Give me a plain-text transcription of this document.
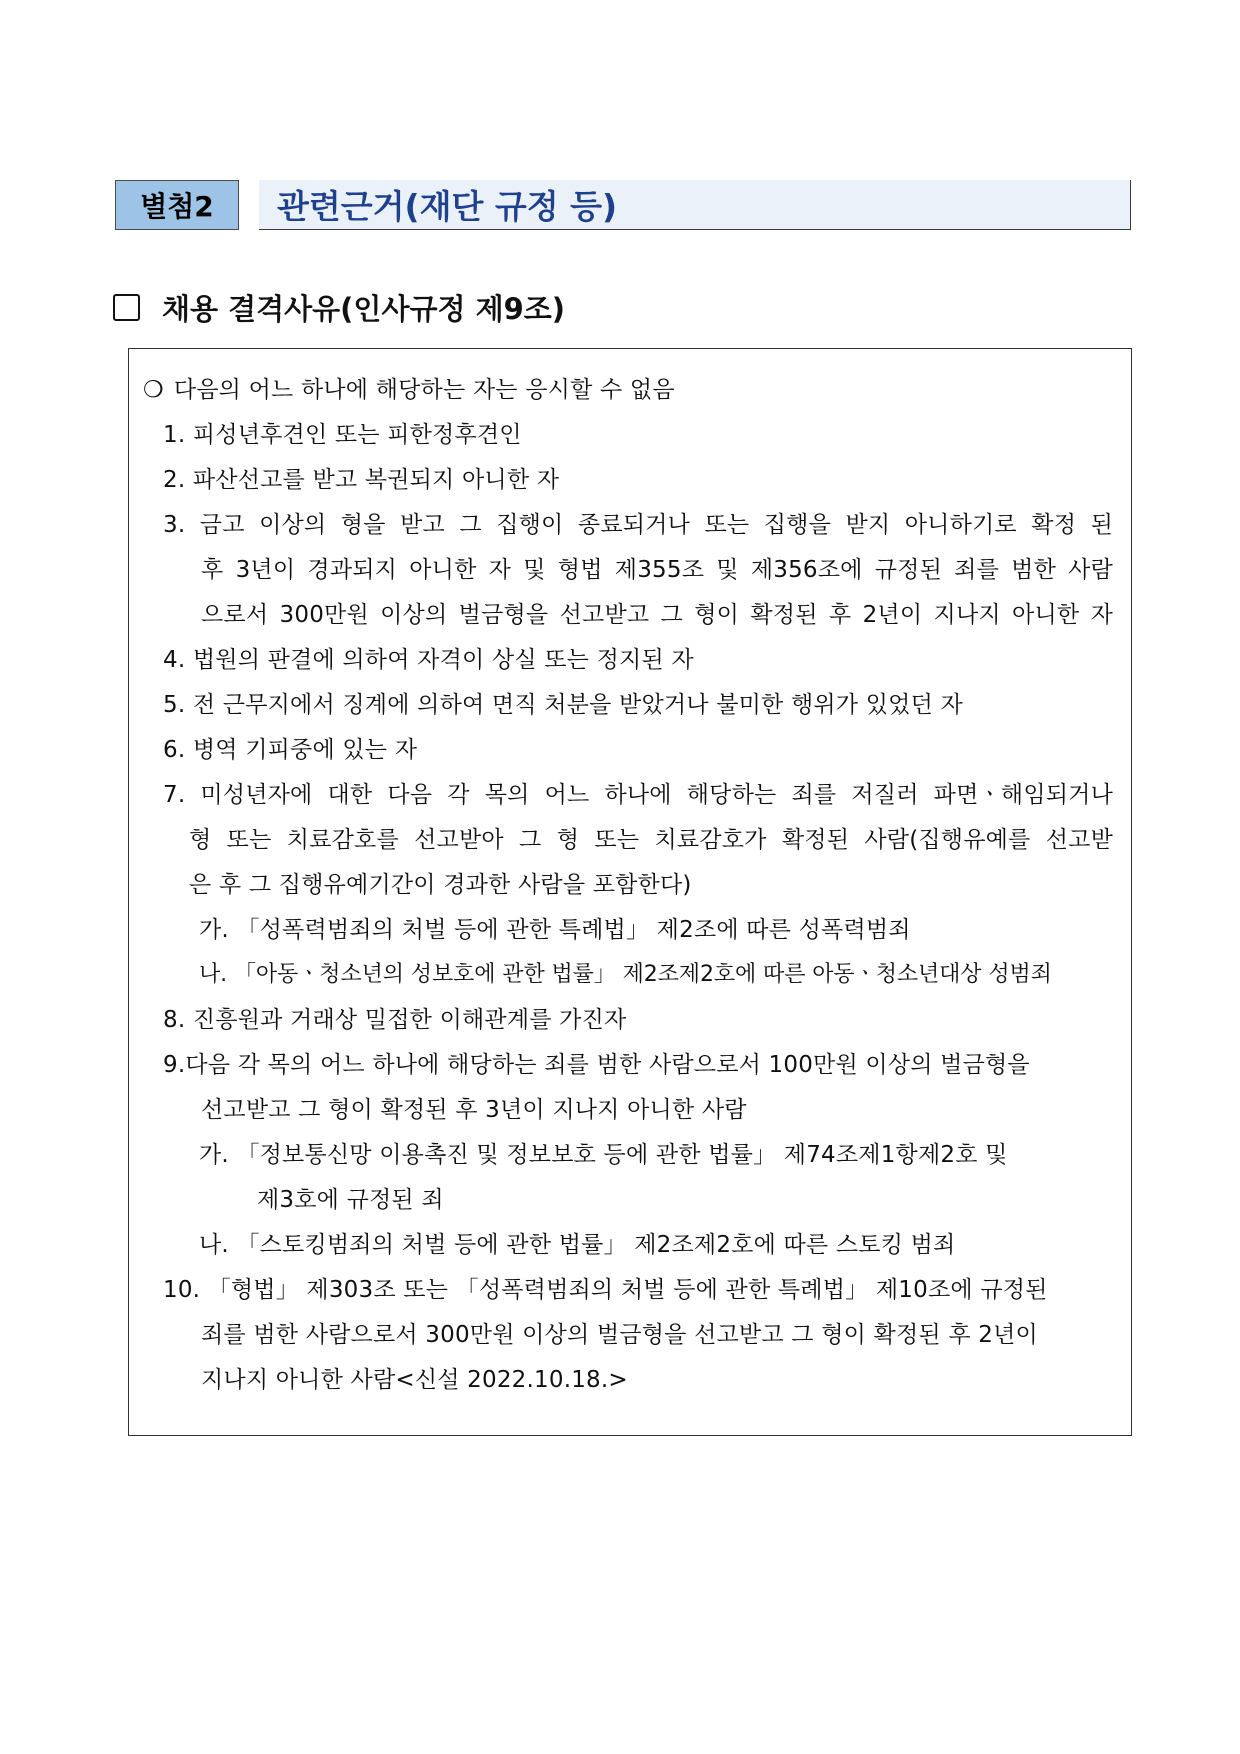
별첨2	관련근거(재단 규정 등)
채용 결격사유(인사규정 제9조)
❍ 다음의 어느 하나에 해당하는 자는 응시할 수 없음
1. 피성년후견인 또는 피한정후견인
2. 파산선고를 받고 복권되지 아니한 자
3. 금고 이상의 형을 받고 그 집행이 종료되거나 또는 집행을 받지 아니하기로 확정 된
후 3년이 경과되지 아니한 자 및 형법 제355조 및 제356조에 규정된 죄를 범한 사람
으로서 300만원 이상의 벌금형을 선고받고 그 형이 확정된 후 2년이 지나지 아니한 자
4. 법원의 판결에 의하여 자격이 상실 또는 정지된 자
5. 전 근무지에서 징계에 의하여 면직 처분을 받았거나 불미한 행위가 있었던 자
6. 병역 기피중에 있는 자
7. 미성년자에 대한 다음 각 목의 어느 하나에 해당하는 죄를 저질러 파면ㆍ해임되거나
형 또는 치료감호를 선고받아 그 형 또는 치료감호가 확정된 사람(집행유예를 선고받
은 후 그 집행유예기간이 경과한 사람을 포함한다)
가. 「성폭력범죄의 처벌 등에 관한 특례법」 제2조에 따른 성폭력범죄
나. 「아동ㆍ청소년의 성보호에 관한 법률」 제2조제2호에 따른 아동ㆍ청소년대상 성범죄
8. 진흥원과 거래상 밀접한 이해관계를 가진자
9.다음 각 목의 어느 하나에 해당하는 죄를 범한 사람으로서 100만원 이상의 벌금형을
선고받고 그 형이 확정된 후 3년이 지나지 아니한 사람
가. 「정보통신망 이용촉진 및 정보보호 등에 관한 법률」 제74조제1항제2호 및
제3호에 규정된 죄
나. 「스토킹범죄의 처벌 등에 관한 법률」 제2조제2호에 따른 스토킹 범죄
10. 「형법」 제303조 또는 「성폭력범죄의 처벌 등에 관한 특례법」 제10조에 규정된
죄를 범한 사람으로서 300만원 이상의 벌금형을 선고받고 그 형이 확정된 후 2년이
지나지 아니한 사람<신설 2022.10.18.>
